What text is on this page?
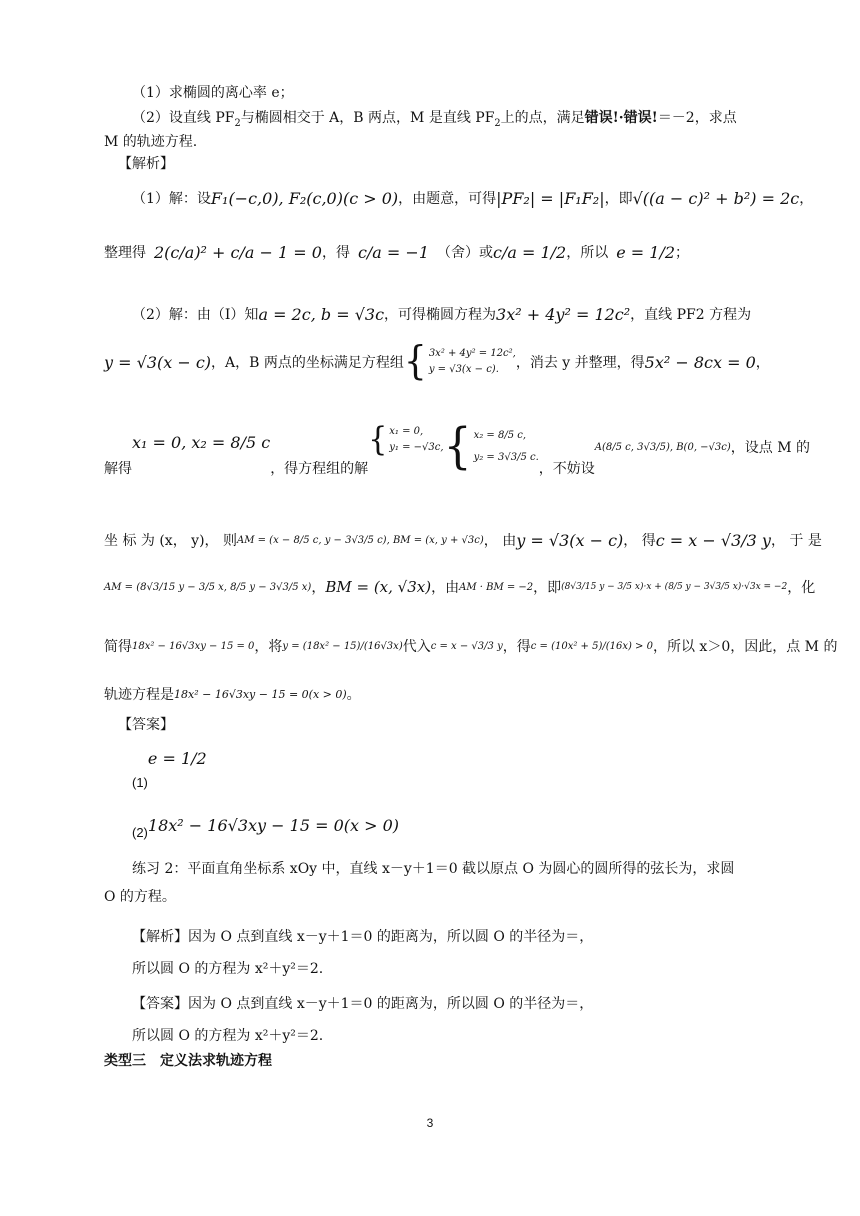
（1）求椭圆的离心率 e；
（2）设直线 $PF_2$与椭圆相交于 A，B 两点，M 是直线 $PF_2$上的点，满足错误!·错误!＝－2，求点
M 的轨迹方程.
【解析】
（1）解：设 F₁(−c,0), F₂(c,0)(c > 0) ，由题意，可得 |PF₂| = |F₁F₂| ，即 √((a − c)² + b²) = 2c ，
整理得 2(c/a)² + c/a − 1 = 0 ，得 c/a = −1 （舍）或 c/a = 1/2 ，所以 e = 1/2 ；
（2）解：由（Ⅰ）知 a = 2c, b = √3c ，可得椭圆方程为 3x² + 4y² = 12c² ，直线 PF2 方程为
y = √3(x − c) ，A，B 两点的坐标满足方程组 { 3x² + 4y² = 12c²,
y = √3(x − c).	，消去 y 并整理，得 5x² − 8cx = 0 ，
解得
x₁ = 0, x₂ = 8/5 c
，得方程组的解
{ x₁ = 0,
y₁ = −√3c, { x₂ = 8/5 c,
y₂ = 3√3/5 c.
，不妨设
A(8/5 c, 3√3/5), B(0, −√3c) ，设点 M 的
坐 标 为 (x， y)， 则 AM = (x − 8/5 c, y − 3√3/5 c), BM = (x, y + √3c) ， 由 y = √3(x − c) ， 得 c = x − √3/3 y ， 于 是
AM = (8√3/15 y − 3/5 x, 8/5 y − 3√3/5 x) ， BM = (x, √3x) ，由 AM · BM = −2 ，即 (8√3/15 y − 3/5 x)·x + (8/5 y − 3√3/5 x)·√3x = −2 ，化
简得 18x² − 16√3xy − 15 = 0 ，将 y = (18x² − 15)/(16√3x) 代入 c = x − √3/3 y ，得 c = (10x² + 5)/(16x) > 0 ，所以 x＞0，因此，点 M 的
轨迹方程是 18x² − 16√3xy − 15 = 0(x > 0) 。
【答案】
(1)
e = 1/2
(2) 18x² − 16√3xy − 15 = 0(x > 0)
练习 2：平面直角坐标系 xOy 中，直线 x－y＋1＝0 截以原点 O 为圆心的圆所得的弦长为，求圆
O 的方程。
【解析】因为 O 点到直线 x－y＋1＝0 的距离为，所以圆 O 的半径为＝，
所以圆 O 的方程为 x²＋y²＝2.
【答案】因为 O 点到直线 x－y＋1＝0 的距离为，所以圆 O 的半径为＝，
所以圆 O 的方程为 x²＋y²＝2.
类型三　定义法求轨迹方程
3
